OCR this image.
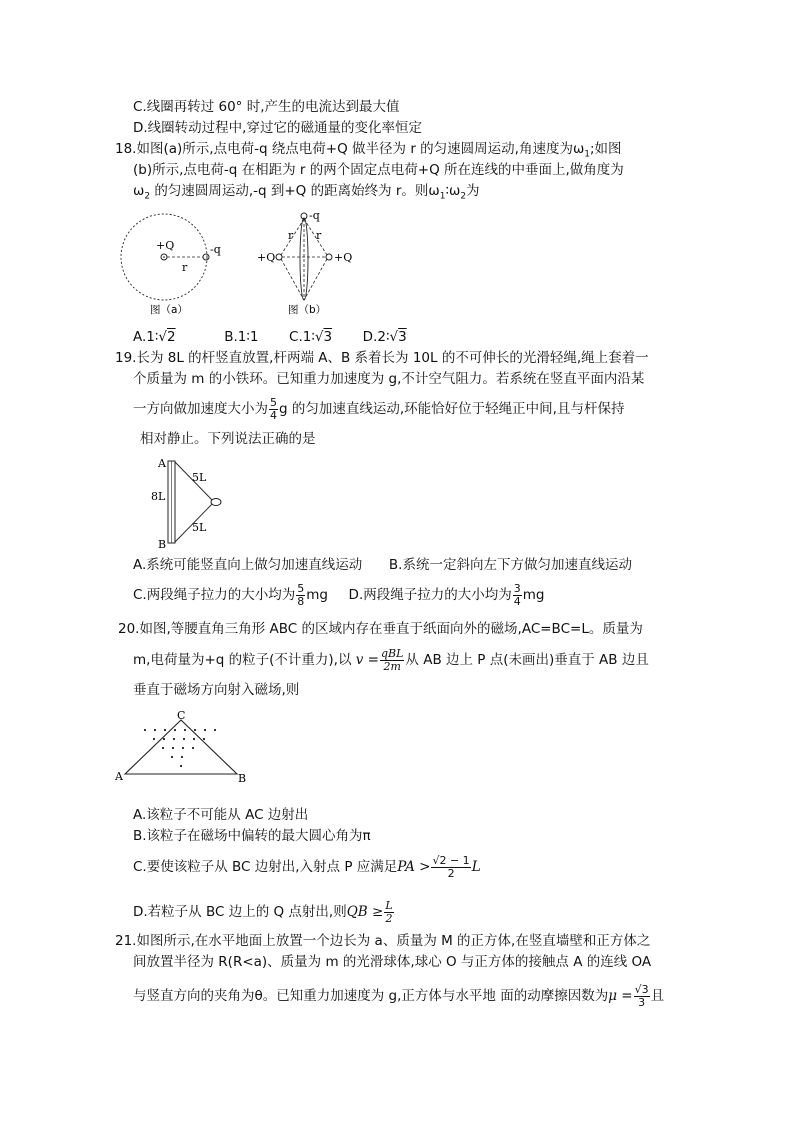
C.线圈再转过 60° 时,产生的电流达到最大值
D.线圈转动过程中,穿过它的磁通量的变化率恒定
18.如图(a)所示,点电荷-q 绕点电荷+Q 做半径为 r 的匀速圆周运动,角速度为$\omega_1$;如图
(b)所示,点电荷-q 在相距为 r 的两个固定点电荷+Q 所在连线的中垂面上,做角度为
$\omega_2$ 的匀速圆周运动,-q 到+Q 的距离始终为 r。则$\omega_1∶\omega_2$为
+Q	-q
r
图（a）
-q
+Q	+Q
r r
图（b）
A.1∶√2	B.1∶1 C.1∶√3 D.2∶√3
19.长为 8L 的杆竖直放置,杆两端 A、B 系着长为 10L 的不可伸长的光滑轻绳,绳上套着一
个质量为 m 的小铁环。已知重力加速度为 g,不计空气阻力。若系统在竖直平面内沿某
一方向做加速度大小为 $\frac{5}{4}$ g 的匀加速直线运动,环能恰好位于轻绳正中间,且与杆保持
相对静止。下列说法正确的是
A
B
8L
5L
5L
A.系统可能竖直向上做匀加速直线运动 B.系统一定斜向左下方做匀加速直线运动
C.两段绳子拉力的大小均为 $\frac{5}{8}$ mg D.两段绳子拉力的大小均为 $\frac{3}{4}$ mg
20.如图,等腰直角三角形 ABC 的区域内存在垂直于纸面向外的磁场,AC=BC=L。质量为
m,电荷量为+q 的粒子(不计重力),以 $v = \frac{\text{qBL}}{2m}$ 从 AB 边上 P 点(未画出)垂直于 AB 边且
垂直于磁场方向射入磁场,则
A	B
C
A.该粒子不可能从 AC 边射出
B.该粒子在磁场中偏转的最大圆心角为π
C.要使该粒子从 BC 边射出,入射点 P 应满足PA > $\frac{√2 - 1}{2}$ L
D.若粒子从 BC 边上的 Q 点射出,则QB ≥ $\frac{L}{2}$
21.如图所示,在水平地面上放置一个边长为 a、质量为 M 的正方体,在竖直墙壁和正方体之
间放置半径为 R(R<a)、质量为 m 的光滑球体,球心 O 与正方体的接触点 A 的连线 OA
与竖直方向的夹角为θ。已知重力加速度为 g,正方体与水平地 面的动摩擦因数为$\mu = \frac{√3}{3}$ 且
